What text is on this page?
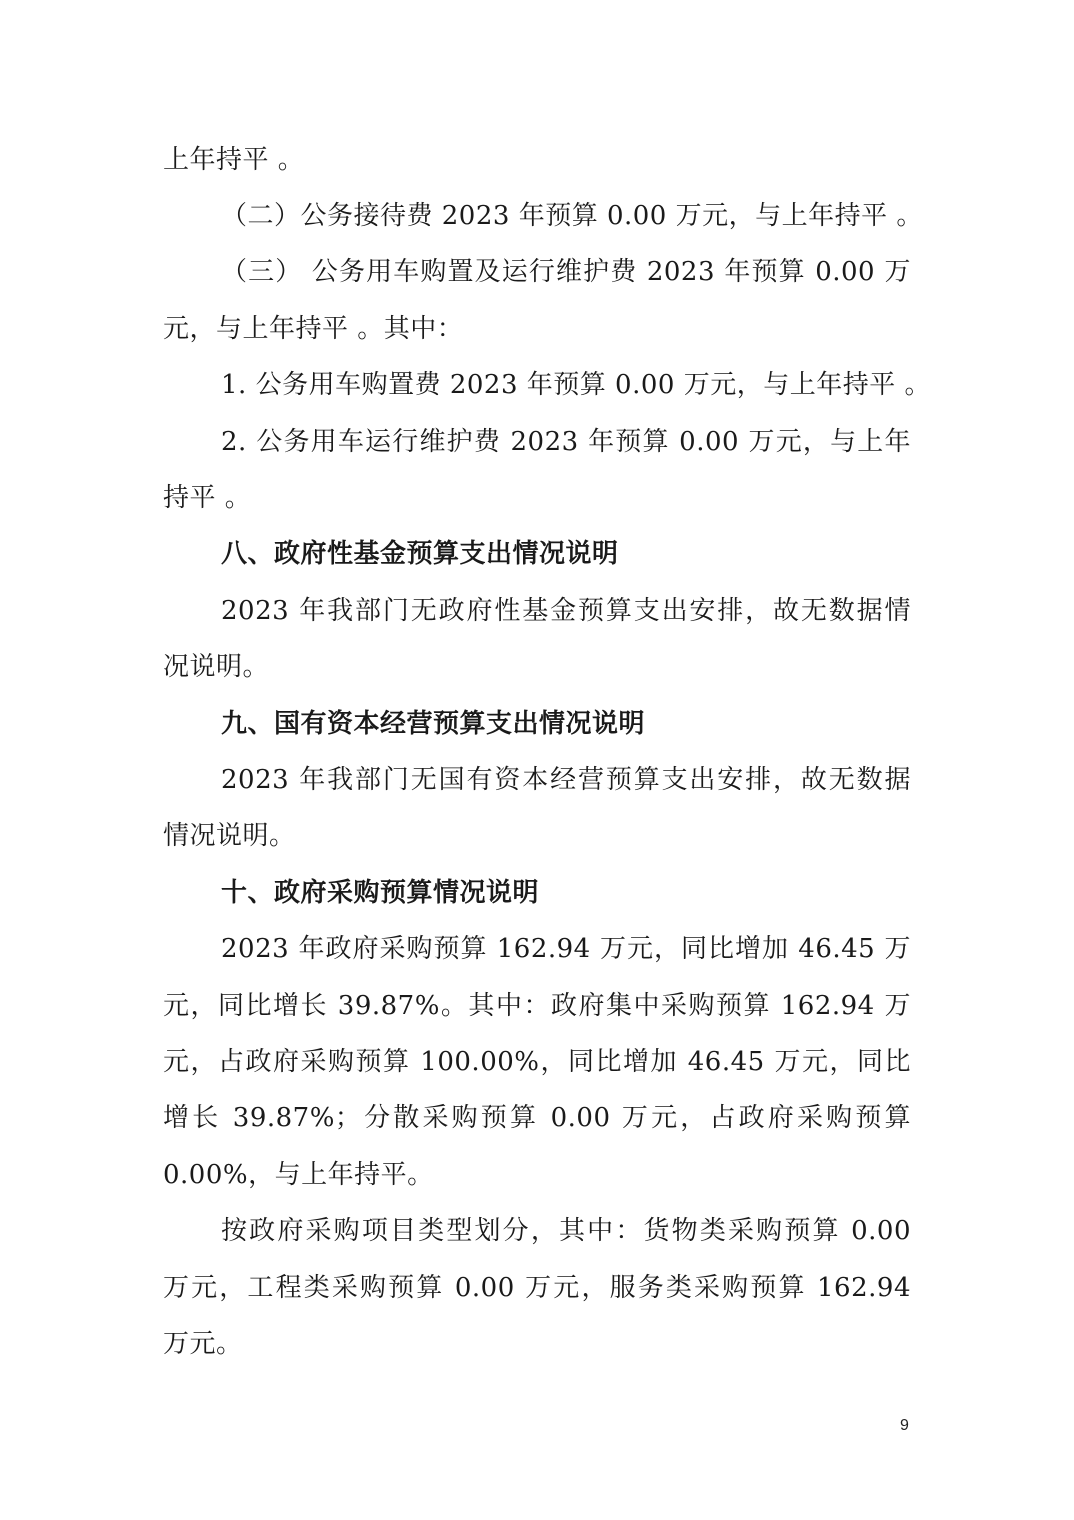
上年持平 。
（二）公务接待费 2023 年预算 0.00 万元，与上年持平 。
（三） 公务用车购置及运行维护费 2023 年预算 0.00 万
元，与上年持平 。其中：
1. 公务用车购置费 2023 年预算 0.00 万元，与上年持平 。
2. 公务用车运行维护费 2023 年预算 0.00 万元，与上年
持平 。
八、政府性基金预算支出情况说明
2023 年我部门无政府性基金预算支出安排，故无数据情
况说明。
九、国有资本经营预算支出情况说明
2023 年我部门无国有资本经营预算支出安排，故无数据
情况说明。
十、政府采购预算情况说明
2023 年政府采购预算 162.94 万元，同比增加 46.45 万
元，同比增长 39.87%。其中：政府集中采购预算 162.94 万
元，占政府采购预算 100.00%，同比增加 46.45 万元，同比
增长 39.87%；分散采购预算 0.00 万元，占政府采购预算
0.00%，与上年持平。
按政府采购项目类型划分，其中：货物类采购预算 0.00
万元，工程类采购预算 0.00 万元，服务类采购预算 162.94
万元。
9
